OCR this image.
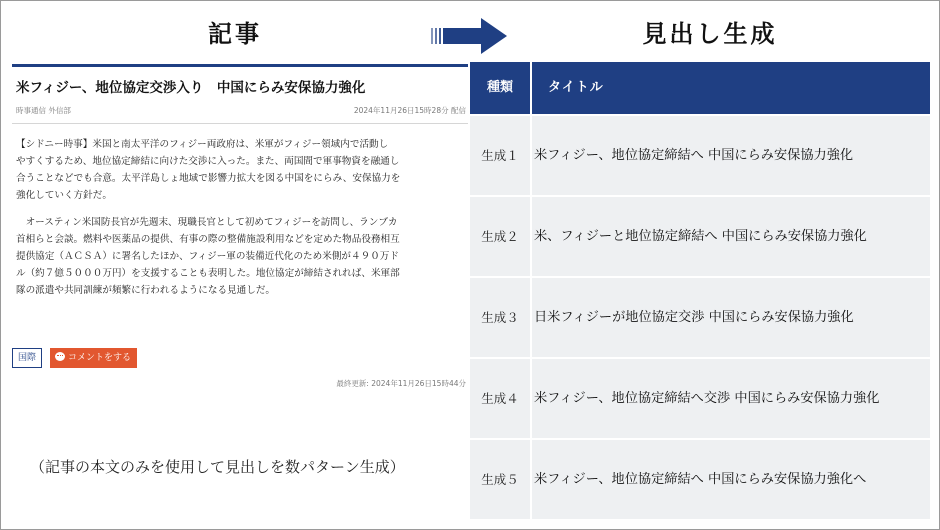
記事	見出し生成
米フィジー、地位協定交渉入り　中国にらみ安保協力強化
時事通信 外信部	2024年11月26日15時28分 配信

【シドニー時事】米国と南太平洋のフィジー両政府は、米軍がフィジー領域内で活動し
やすくするため、地位協定締結に向けた交渉に入った。また、両国間で軍事物資を融通し
合うことなどでも合意。太平洋島しょ地域で影響力拡大を図る中国をにらみ、安保協力を
強化していく方針だ。

　オースティン米国防長官が先週末、現職長官として初めてフィジーを訪問し、ランブカ
首相らと会談。燃料や医薬品の提供、有事の際の整備施設利用などを定めた物品役務相互
提供協定（ＡＣＳＡ）に署名したほか、フィジー軍の装備近代化のため米側が４９０万ド
ル（約７億５０００万円）を支援することも表明した。地位協定が締結されれば、米軍部
隊の派遣や共同訓練が頻繁に行われるようになる見通しだ。

国際	コメントをする
最終更新: 2024年11月26日15時44分
（記事の本文のみを使用して見出しを数パターン生成）
種類	タイトル
生成１	米フィジー、地位協定締結へ 中国にらみ安保協力強化
生成２	米、フィジーと地位協定締結へ 中国にらみ安保協力強化
生成３	日米フィジーが地位協定交渉 中国にらみ安保協力強化
生成４	米フィジー、地位協定締結へ交渉 中国にらみ安保協力強化
生成５	米フィジー、地位協定締結へ 中国にらみ安保協力強化へ
